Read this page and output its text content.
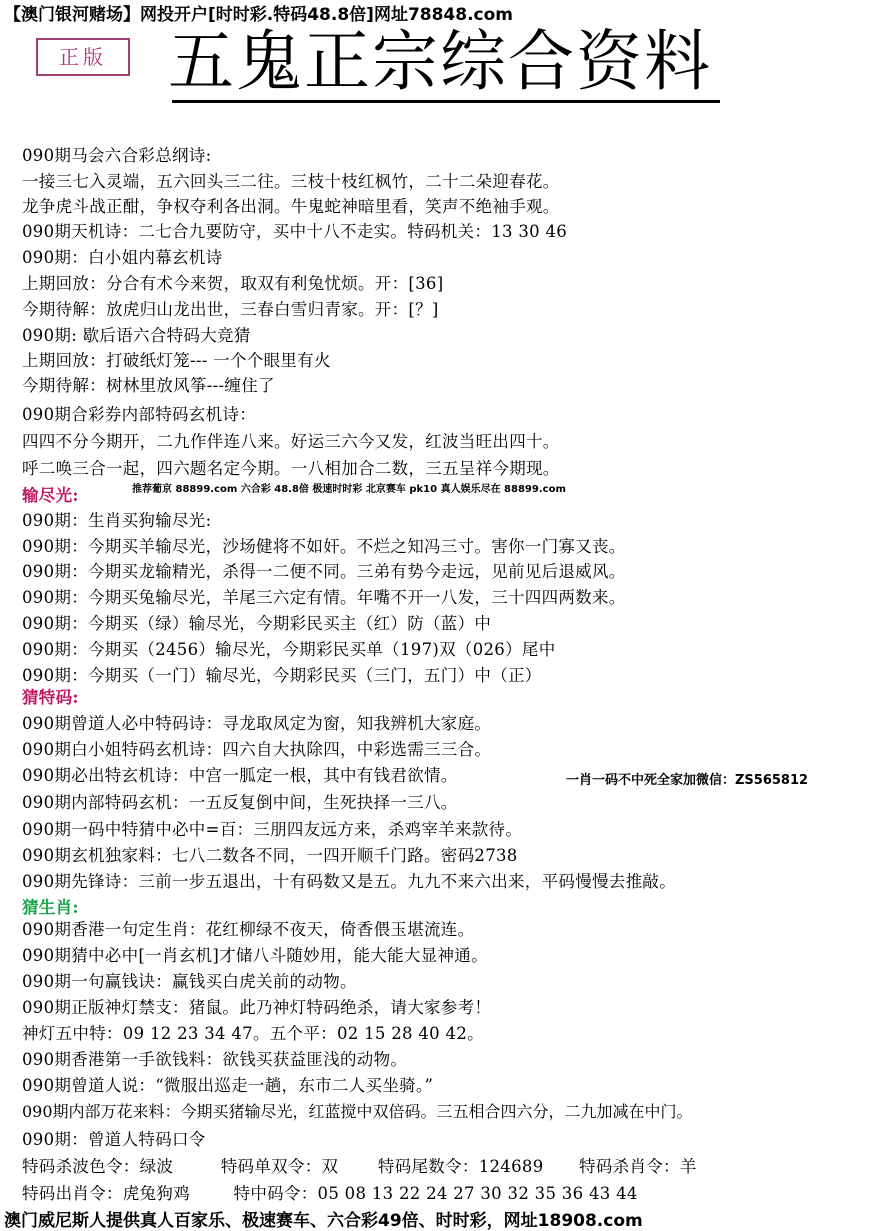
【澳门银河赌场】网投开户[时时彩.特码48.8倍]网址78848.com
正版 五鬼正宗综合资料
090期马会六合彩总纲诗:
一接三七入灵端，五六回头三二往。三枝十枝红枫竹，二十二朵迎春花。
龙争虎斗战正酣，争权夺利各出洞。牛鬼蛇神暗里看，笑声不绝袖手观。
090期天机诗：二七合九要防守，买中十八不走实。特码机关：13 30 46
090期：白小姐内幕玄机诗
上期回放：分合有术今来贺，取双有利兔忧烦。开：[36]
今期待解：放虎归山龙出世，三春白雪归青家。开：[？]
090期: 歇后语六合特码大竞猜
上期回放：打破纸灯笼--- 一个个眼里有火
今期待解：树林里放风筝---缠住了
090期合彩券内部特码玄机诗：
四四不分今期开，二九作伴连八来。好运三六今又发，红波当旺出四十。
呼二唤三合一起，四六题名定今期。一八相加合二数，三五呈祥今期现。
推荐葡京 88899.com 六合彩 48.8倍 极速时时彩 北京赛车 pk10 真人娱乐尽在 88899.com
输尽光:
090期：生肖买狗输尽光:
090期：今期买羊输尽光，沙场健将不如奸。不烂之知冯三寸。害你一门寡又丧。
090期：今期买龙输精光，杀得一二便不同。三弟有势今走远，见前见后退威风。
090期：今期买兔输尽光，羊尾三六定有情。年嘴不开一八发，三十四四两数来。
090期：今期买（绿）输尽光，今期彩民买主（红）防（蓝）中
090期：今期买（2456）输尽光，今期彩民买单（197)双（026）尾中
090期：今期买（一门）输尽光，今期彩民买（三门，五门）中（正）
猜特码:
090期曾道人必中特码诗：寻龙取凤定为窗，知我辨机大家庭。
090期白小姐特码玄机诗：四六自大执除四，中彩选需三三合。
090期必出特玄机诗：中宫一胍定一根，其中有钱君欲情。	一肖一码不中死全家加微信：ZS565812
090期内部特码玄机：一五反复倒中间，生死抉择一三八。
090期一码中特猜中必中=百：三朋四友远方来，杀鸡宰羊来款待。
090期玄机独家料：七八二数各不同，一四开顺千门路。密码2738
090期先锋诗：三前一步五退出，十有码数又是五。九九不来六出来，平码慢慢去推敲。
猜生肖:
090期香港一句定生肖：花红柳绿不夜天，倚香偎玉堪流连。
090期猜中必中[一肖玄机]才储八斗随妙用，能大能大显神通。
090期一句赢钱诀：赢钱买白虎关前的动物。
090期正版神灯禁支：猪鼠。此乃神灯特码绝杀，请大家参考！
神灯五中特：09 12 23 34 47。五个平：02 15 28 40 42。
090期香港第一手欲钱料：欲钱买获益匪浅的动物。
090期曾道人说：“微服出巡走一趟，东市二人买坐骑。”
090期内部万花来料：今期买猪输尽光，红蓝搅中双倍码。三五相合四六分，二九加减在中门。
090期：曾道人特码口令
特码杀波色令：绿波	特码单双令：双 特码尾数令：124689 特码杀肖令：羊
特码出肖令：虎兔狗鸡	特中码令：05 08 13 22 24 27 30 32 35 36 43 44
澳门威尼斯人提供真人百家乐、极速赛车、六合彩49倍、时时彩，网址18908.com
